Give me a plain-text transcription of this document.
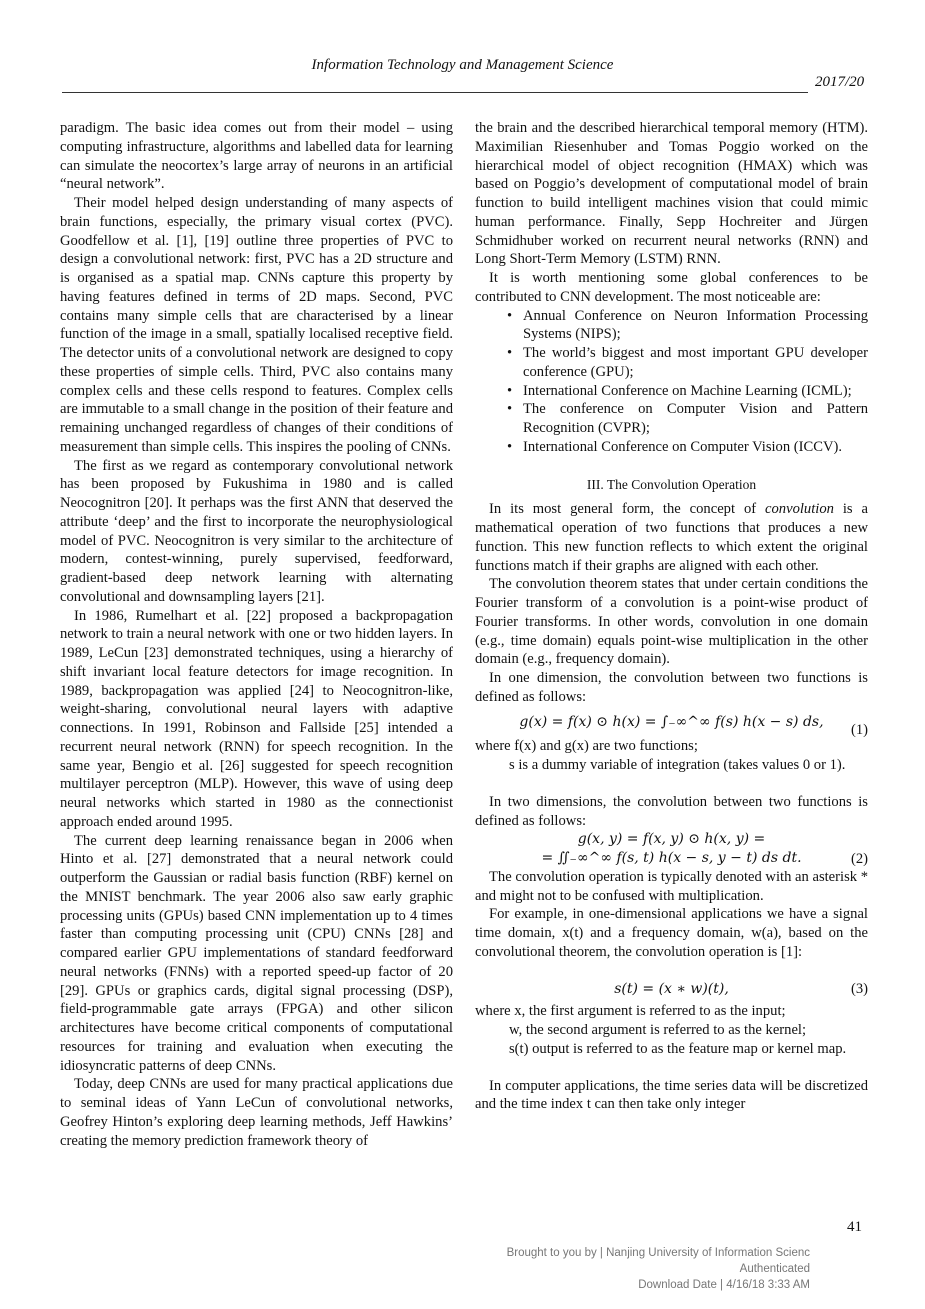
Information Technology and Management Science
2017/20

paradigm. The basic idea comes out from their model – using computing infrastructure, algorithms and labelled data for learning can simulate the neocortex’s large array of neurons in an artificial “neural network”.

Their model helped design understanding of many aspects of brain functions, especially, the primary visual cortex (PVC). Goodfellow et al. [1], [19] outline three properties of PVC to design a convolutional network: first, PVC has a 2D structure and is organised as a spatial map. CNNs capture this property by having features defined in terms of 2D maps. Second, PVC contains many simple cells that are characterised by a linear function of the image in a small, spatially localised receptive field. The detector units of a convolutional network are designed to copy these properties of simple cells. Third, PVC also contains many complex cells and these cells respond to features. Complex cells are immutable to a small change in the position of their feature and remaining unchanged regardless of changes of their conditions of measurement than simple cells. This inspires the pooling of CNNs.

The first as we regard as contemporary convolutional network has been proposed by Fukushima in 1980 and is called Neocognitron [20]. It perhaps was the first ANN that deserved the attribute ‘deep’ and the first to incorporate the neurophysiological model of PVC. Neocognitron is very similar to the architecture of modern, contest-winning, purely supervised, feedforward, gradient-based deep network learning with alternating convolutional and downsampling layers [21].

In 1986, Rumelhart et al. [22] proposed a backpropagation network to train a neural network with one or two hidden layers. In 1989, LeCun [23] demonstrated techniques, using a hierarchy of shift invariant local feature detectors for image recognition. In 1989, backpropagation was applied [24] to Neocognitron-like, weight-sharing, convolutional neural layers with adaptive connections. In 1991, Robinson and Fallside [25] intended a recurrent neural network (RNN) for speech recognition. In the same year, Bengio et al. [26] suggested for speech recognition multilayer perceptron (MLP). However, this wave of using deep neural networks which started in 1980 as the connectionist approach ended around 1995.

The current deep learning renaissance began in 2006 when Hinto et al. [27] demonstrated that a neural network could outperform the Gaussian or radial basis function (RBF) kernel on the MNIST benchmark. The year 2006 also saw early graphic processing units (GPUs) based CNN implementation up to 4 times faster than computing processing unit (CPU) CNNs [28] and compared earlier GPU implementations of standard feedforward neural networks (FNNs) with a reported speed-up factor of 20 [29]. GPUs or graphics cards, digital signal processing (DSP), field-programmable gate arrays (FPGA) and other silicon architectures have become critical components of computational resources for training and evaluation when executing the idiosyncratic patterns of deep CNNs.

Today, deep CNNs are used for many practical applications due to seminal ideas of Yann LeCun of convolutional networks, Geofrey Hinton’s exploring deep learning methods, Jeff Hawkins’ creating the memory prediction framework theory of

the brain and the described hierarchical temporal memory (HTM). Maximilian Riesenhuber and Tomas Poggio worked on the hierarchical model of object recognition (HMAX) which was based on Poggio’s development of computational model of brain function to build intelligent machines vision that could mimic human performance. Finally, Sepp Hochreiter and Jürgen Schmidhuber worked on recurrent neural networks (RNN) and Long Short-Term Memory (LSTM) RNN.

It is worth mentioning some global conferences to be contributed to CNN development. The most noticeable are:

• Annual Conference on Neuron Information Processing Systems (NIPS);
• The world’s biggest and most important GPU developer conference (GPU);
• International Conference on Machine Learning (ICML);
• The conference on Computer Vision and Pattern Recognition (CVPR);
• International Conference on Computer Vision (ICCV).
III. The Convolution Operation

In its most general form, the concept of convolution is a mathematical operation of two functions that produces a new function. This new function reflects to which extent the original functions match if their graphs are aligned with each other.

The convolution theorem states that under certain conditions the Fourier transform of a convolution is a point-wise product of Fourier transforms. In other words, convolution in one domain (e.g., time domain) equals point-wise multiplication in the other domain (e.g., frequency domain).

In one dimension, the convolution between two functions is defined as follows:

g(x) = f(x) ⊙ h(x) = ∫₋∞^∞ f(s) h(x − s) ds, (1)

where f(x) and g(x) are two functions;

s is a dummy variable of integration (takes values 0 or 1).

In two dimensions, the convolution between two functions is defined as follows:

g(x, y) = f(x, y) ⊙ h(x, y) =
= ∬₋∞^∞ f(s, t) h(x − s, y − t) ds dt.	(2)

The convolution operation is typically denoted with an asterisk * and might not to be confused with multiplication.

For example, in one-dimensional applications we have a signal time domain, x(t) and a frequency domain, w(a), based on the convolutional theorem, the convolution operation is [1]:

s(t) = (x ∗ w)(t),	(3)

where x, the first argument is referred to as the input;

w, the second argument is referred to as the kernel;

s(t) output is referred to as the feature map or kernel map.

In computer applications, the time series data will be discretized and the time index t can then take only integer

41
Brought to you by | Nanjing University of Information Scienc
Authenticated
Download Date | 4/16/18 3:33 AM
